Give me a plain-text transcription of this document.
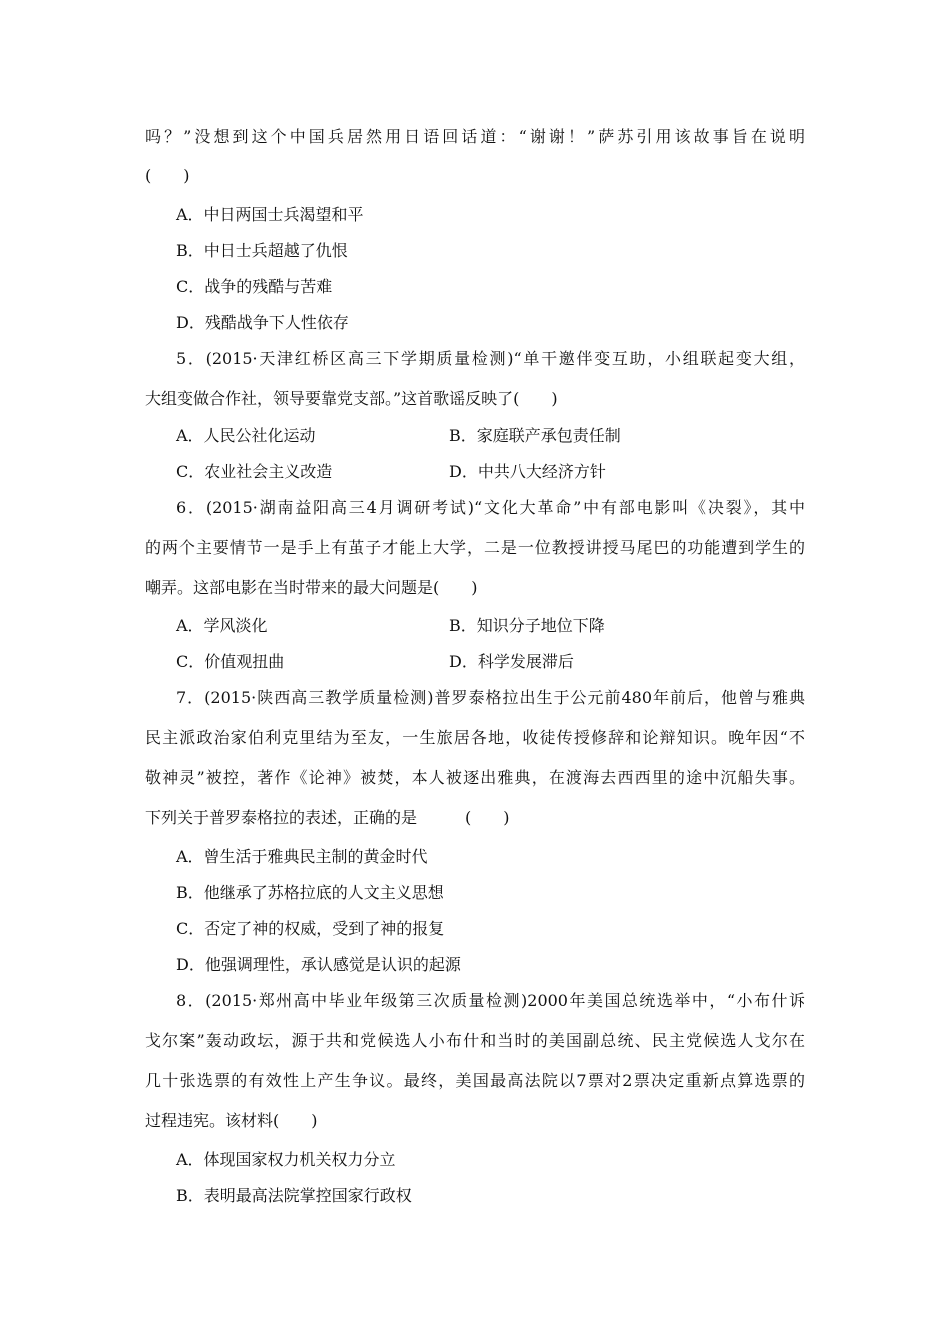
吗？”没想到这个中国兵居然用日语回话道：“谢谢！”萨苏引用该故事旨在说明
(　　)
A．中日两国士兵渴望和平
B．中日士兵超越了仇恨
C．战争的残酷与苦难
D．残酷战争下人性依存
5．(2015·天津红桥区高三下学期质量检测)“单干邀伴变互助，小组联起变大组，
大组变做合作社，领导要靠党支部。”这首歌谣反映了(　　)
A．人民公社化运动	B．家庭联产承包责任制
C．农业社会主义改造	D．中共八大经济方针
6．(2015·湖南益阳高三4月调研考试)“文化大革命”中有部电影叫《决裂》，其中
的两个主要情节一是手上有茧子才能上大学，二是一位教授讲授马尾巴的功能遭到学生的
嘲弄。这部电影在当时带来的最大问题是(　　)
A．学风淡化	B．知识分子地位下降
C．价值观扭曲	D．科学发展滞后
7．(2015·陕西高三教学质量检测)普罗泰格拉出生于公元前480年前后，他曾与雅典
民主派政治家伯利克里结为至友，一生旅居各地，收徒传授修辞和论辩知识。晚年因“不
敬神灵”被控，著作《论神》被焚，本人被逐出雅典，在渡海去西西里的途中沉船失事。
下列关于普罗泰格拉的表述，正确的是　　　(　　)
A．曾生活于雅典民主制的黄金时代
B．他继承了苏格拉底的人文主义思想
C．否定了神的权威，受到了神的报复
D．他强调理性，承认感觉是认识的起源
8．(2015·郑州高中毕业年级第三次质量检测)2000年美国总统选举中，“小布什诉
戈尔案”轰动政坛，源于共和党候选人小布什和当时的美国副总统、民主党候选人戈尔在
几十张选票的有效性上产生争议。最终，美国最高法院以7票对2票决定重新点算选票的
过程违宪。该材料(　　)
A．体现国家权力机关权力分立
B．表明最高法院掌控国家行政权
